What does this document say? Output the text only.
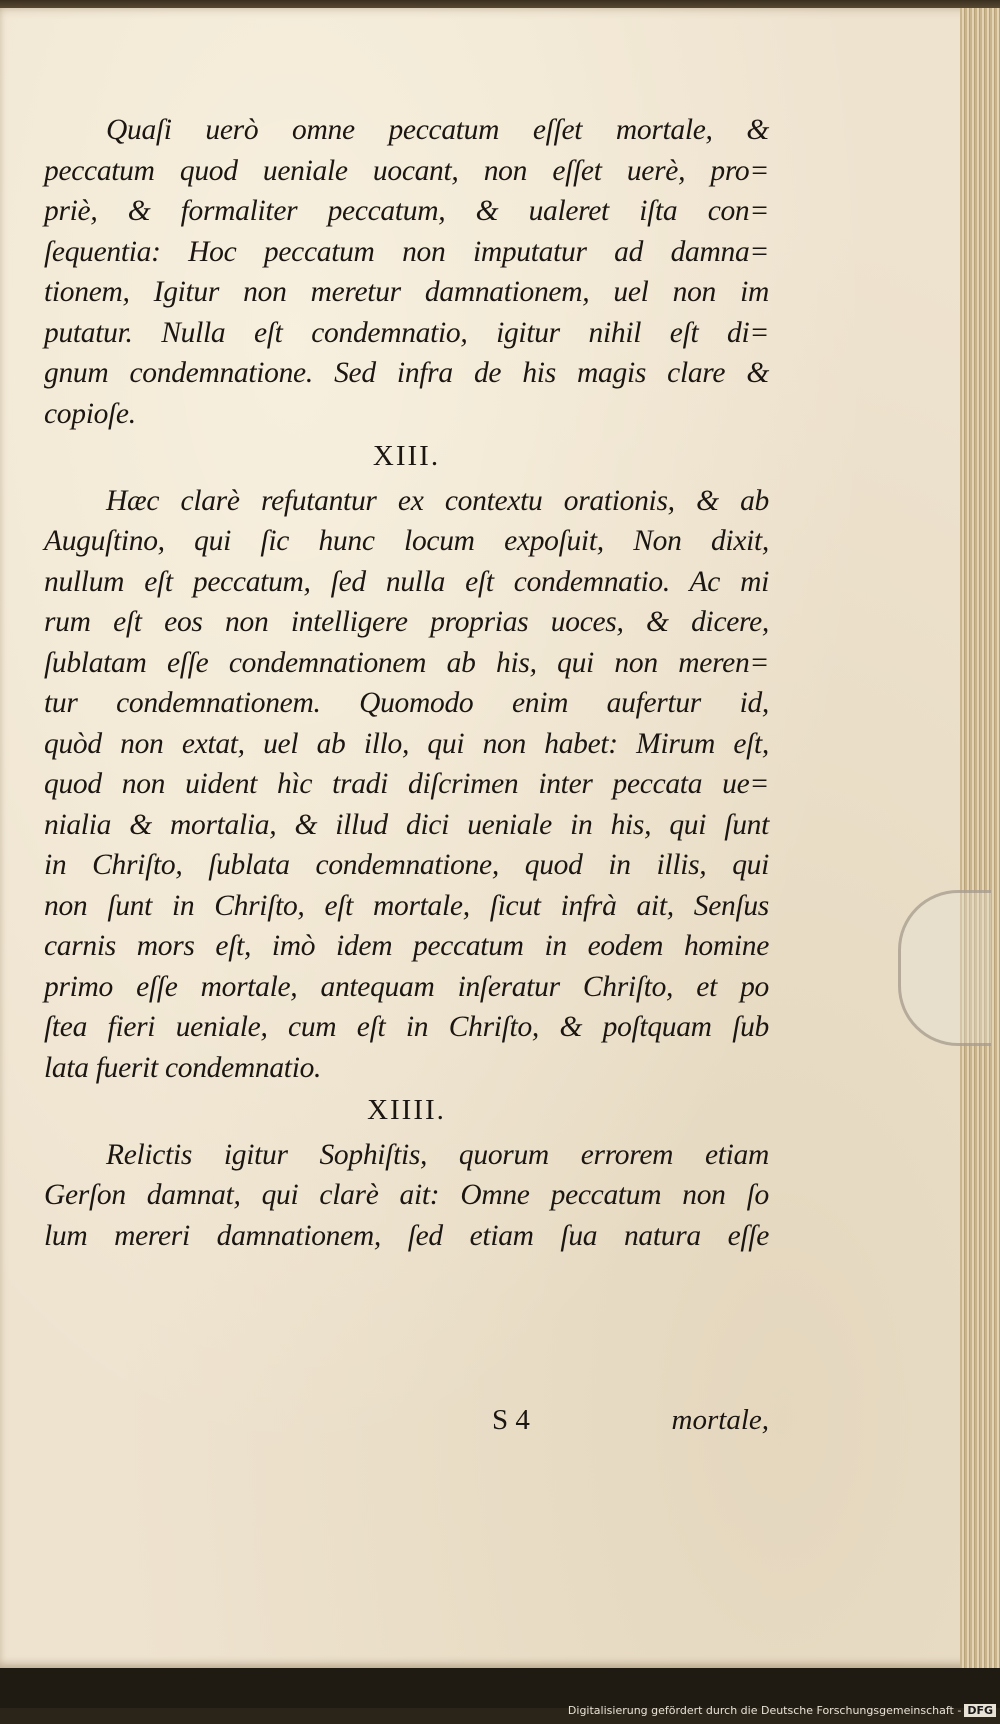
Quaſi uerò omne peccatum eſſet mortale, &
peccatum quod ueniale uocant, non eſſet uerè, pro=
priè, & formaliter peccatum, & ualeret iſta con=
ſequentia: Hoc peccatum non imputatur ad damna=
tionem, Igitur non meretur damnationem, uel non im
putatur. Nulla eſt condemnatio, igitur nihil eſt di=
gnum condemnatione. Sed infra de his magis clare &
copioſe.

XIII.

Hæc clarè refutantur ex contextu orationis, & ab
Auguſtino, qui ſic hunc locum expoſuit, Non dixit,
nullum eſt peccatum, ſed nulla eſt condemnatio. Ac mi
rum eſt eos non intelligere proprias uoces, & dicere,
ſublatam eſſe condemnationem ab his, qui non meren=
tur condemnationem. Quomodo enim aufertur id,
quòd non extat, uel ab illo, qui non habet: Mirum eſt,
quod non uident hìc tradi diſcrimen inter peccata ue=
nialia & mortalia, & illud dici ueniale in his, qui ſunt
in Chriſto, ſublata condemnatione, quod in illis, qui
non ſunt in Chriſto, eſt mortale, ſicut infrà ait, Senſus
carnis mors eſt, imò idem peccatum in eodem homine
primo eſſe mortale, antequam inſeratur Chriſto, et po
ſtea fieri ueniale, cum eſt in Chriſto, & poſtquam ſub
lata fuerit condemnatio.

XIIII.

Relictis igitur Sophiſtis, quorum errorem etiam
Gerſon damnat, qui clarè ait: Omne peccatum non ſo
lum mereri damnationem, ſed etiam ſua natura eſſe

S 4	mortale,
Digitalisierung gefördert durch die Deutsche Forschungsgemeinschaft - DFG
